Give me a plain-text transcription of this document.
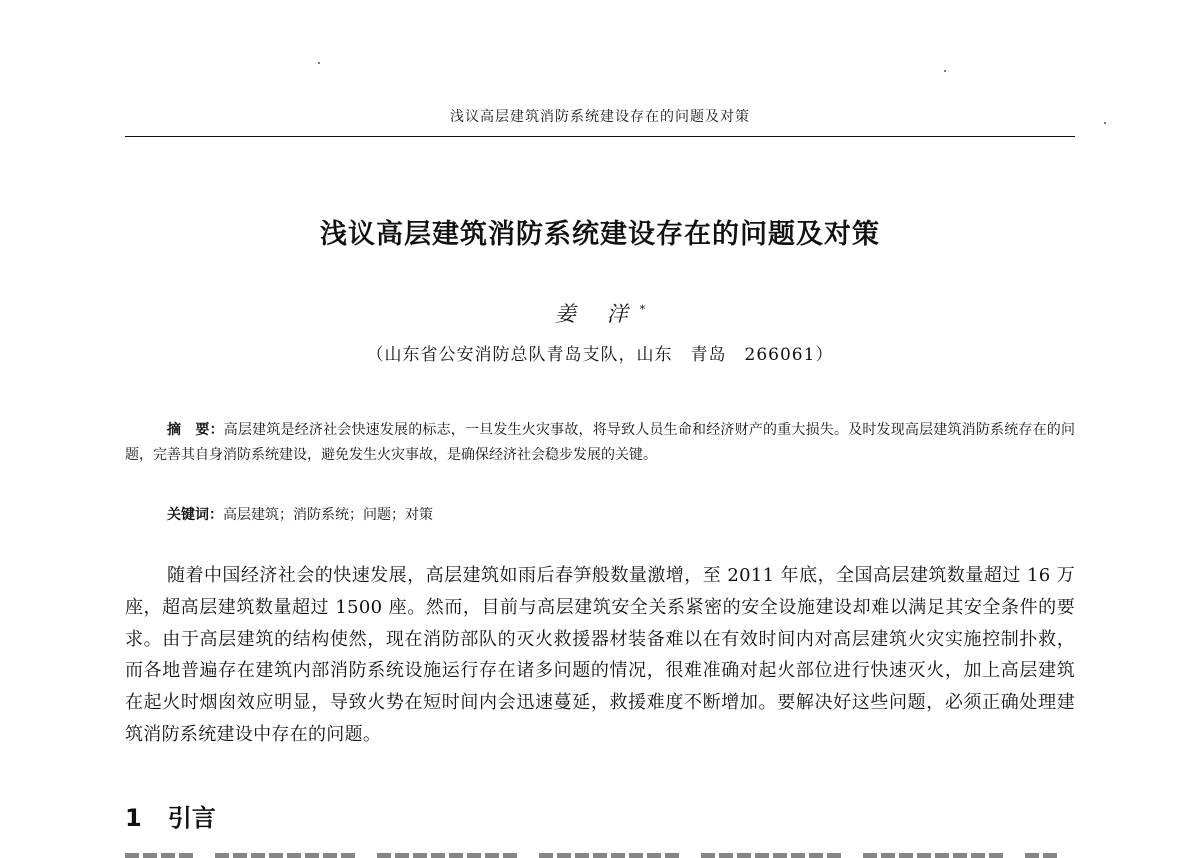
浅议高层建筑消防系统建设存在的问题及对策
浅议高层建筑消防系统建设存在的问题及对策
姜 洋*
（山东省公安消防总队青岛支队，山东　青岛　266061）
摘　要：高层建筑是经济社会快速发展的标志，一旦发生火灾事故，将导致人员生命和经济财产的重大损失。及时发现高层建筑消防系统存在的问题，完善其自身消防系统建设，避免发生火灾事故，是确保经济社会稳步发展的关键。
关键词：高层建筑；消防系统；问题；对策
随着中国经济社会的快速发展，高层建筑如雨后春笋般数量激增，至 2011 年底，全国高层建筑数量超过 16 万座，超高层建筑数量超过 1500 座。然而，目前与高层建筑安全关系紧密的安全设施建设却难以满足其安全条件的要求。由于高层建筑的结构使然，现在消防部队的灭火救援器材装备难以在有效时间内对高层建筑火灾实施控制扑救，而各地普遍存在建筑内部消防系统设施运行存在诸多问题的情况，很难准确对起火部位进行快速灭火，加上高层建筑在起火时烟囱效应明显，导致火势在短时间内会迅速蔓延，救援难度不断增加。要解决好这些问题，必须正确处理建筑消防系统建设中存在的问题。
1 引言
